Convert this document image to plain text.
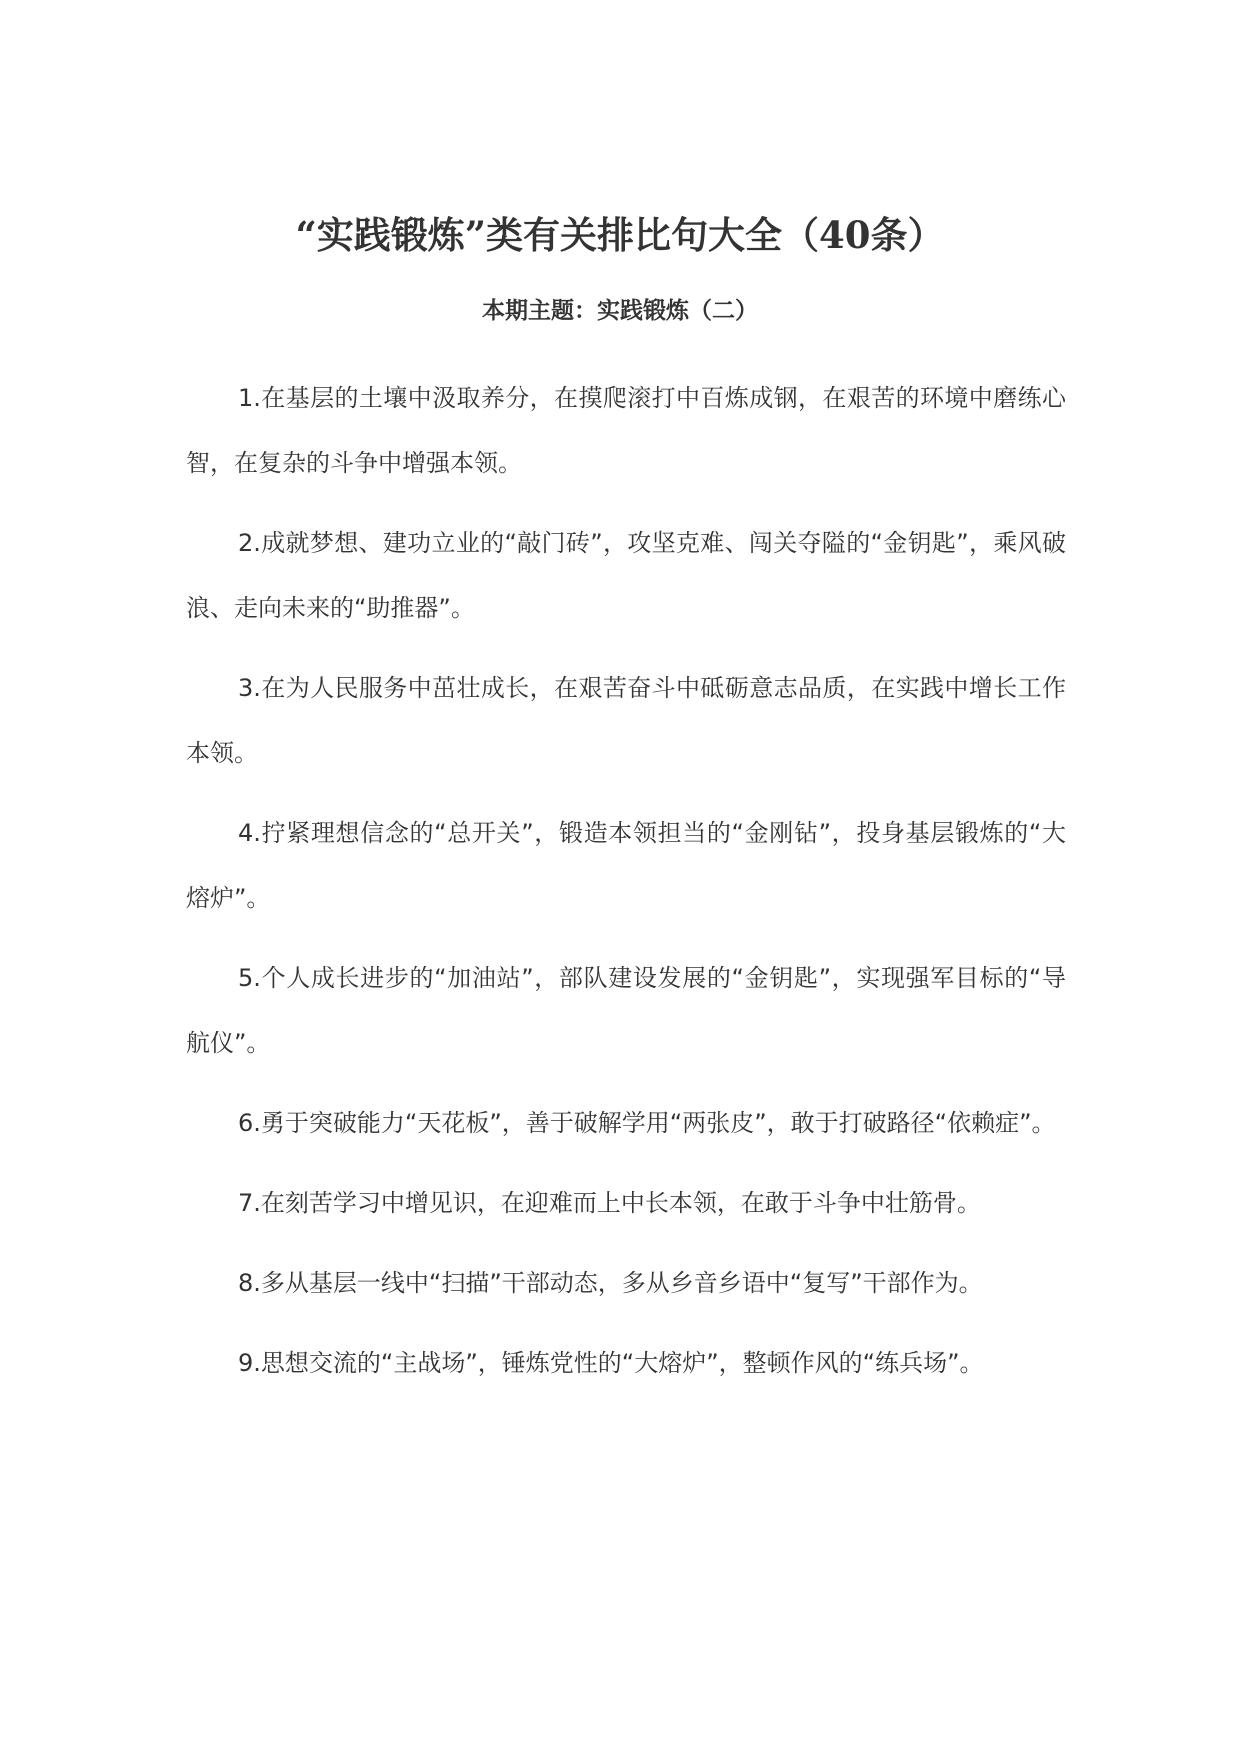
“实践锻炼”类有关排比句大全（40条）
本期主题：实践锻炼（二）

1.在基层的土壤中汲取养分，在摸爬滚打中百炼成钢，在艰苦的环境中磨练心智，在复杂的斗争中增强本领。

2.成就梦想、建功立业的“敲门砖”，攻坚克难、闯关夺隘的“金钥匙”，乘风破浪、走向未来的“助推器”。

3.在为人民服务中茁壮成长，在艰苦奋斗中砥砺意志品质，在实践中增长工作本领。

4.拧紧理想信念的“总开关”，锻造本领担当的“金刚钻”，投身基层锻炼的“大熔炉”。

5.个人成长进步的“加油站”，部队建设发展的“金钥匙”，实现强军目标的“导航仪”。

6.勇于突破能力“天花板”，善于破解学用“两张皮”，敢于打破路径“依赖症”。

7.在刻苦学习中增见识，在迎难而上中长本领，在敢于斗争中壮筋骨。

8.多从基层一线中“扫描”干部动态，多从乡音乡语中“复写”干部作为。

9.思想交流的“主战场”，锤炼党性的“大熔炉”，整顿作风的“练兵场”。
